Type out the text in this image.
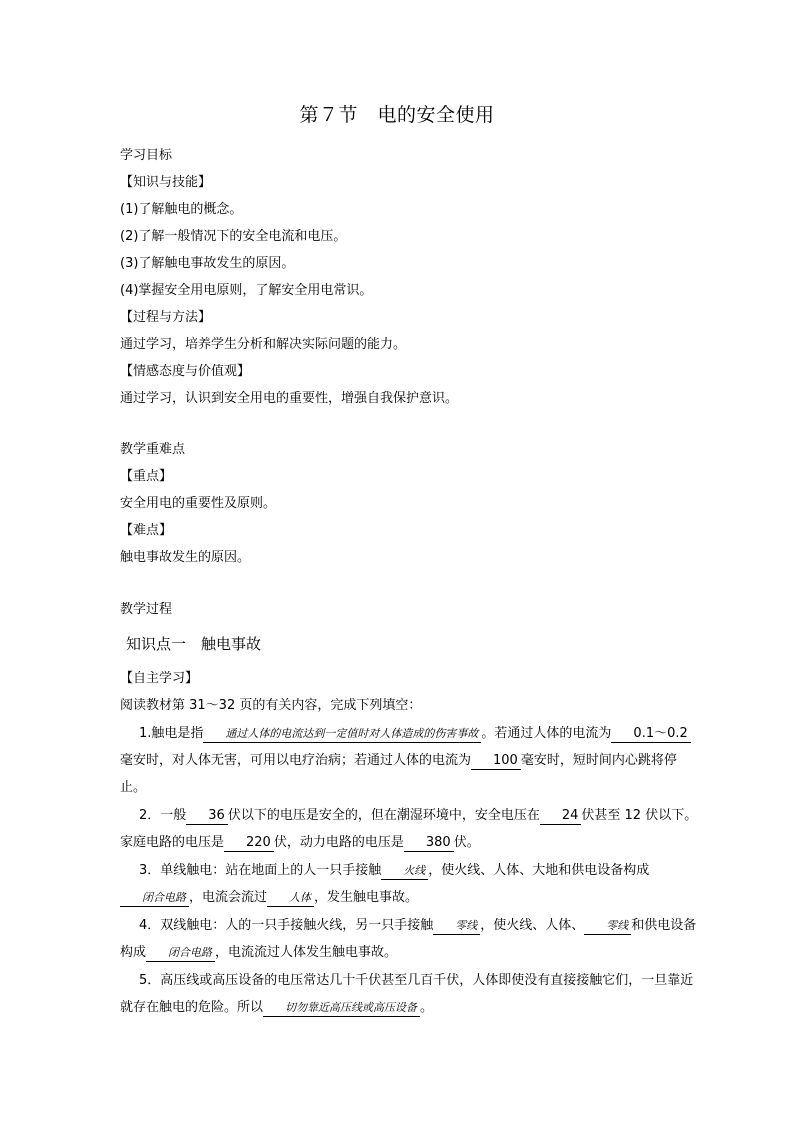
第７节　电的安全使用
学习目标
【知识与技能】
(1)了解触电的概念。
(2)了解一般情况下的安全电流和电压。
(3)了解触电事故发生的原因。
(4)掌握安全用电原则，了解安全用电常识。
【过程与方法】
通过学习，培养学生分析和解决实际问题的能力。
【情感态度与价值观】
通过学习，认识到安全用电的重要性，增强自我保护意识。
教学重难点
【重点】
安全用电的重要性及原则。
【难点】
触电事故发生的原因。
教学过程
知识点一　触电事故
【自主学习】
阅读教材第 31～32 页的有关内容，完成下列填空：
1.触电是指 通过人体的电流达到一定值时对人体造成的伤害事故 。若通过人体的电流为 0.1～0.2毫安时，对人体无害，可用以电疗治病；若通过人体的电流为 100 毫安时，短时间内心跳将停止。
2．一般 36 伏以下的电压是安全的，但在潮湿环境中，安全电压在 24 伏甚至 12 伏以下。家庭电路的电压是 220 伏，动力电路的电压是 380 伏。
3．单线触电：站在地面上的人一只手接触 火线 ，使火线、人体、大地和供电设备构成闭合电路 ，电流会流过 人体 ，发生触电事故。
4．双线触电：人的一只手接触火线，另一只手接触 零线 ，使火线、人体、 零线 和供电设备构成 闭合电路 ，电流流过人体发生触电事故。
5．高压线或高压设备的电压常达几十千伏甚至几百千伏，人体即使没有直接接触它们，一旦靠近就存在触电的危险。所以 切勿靠近高压线或高压设备 。
